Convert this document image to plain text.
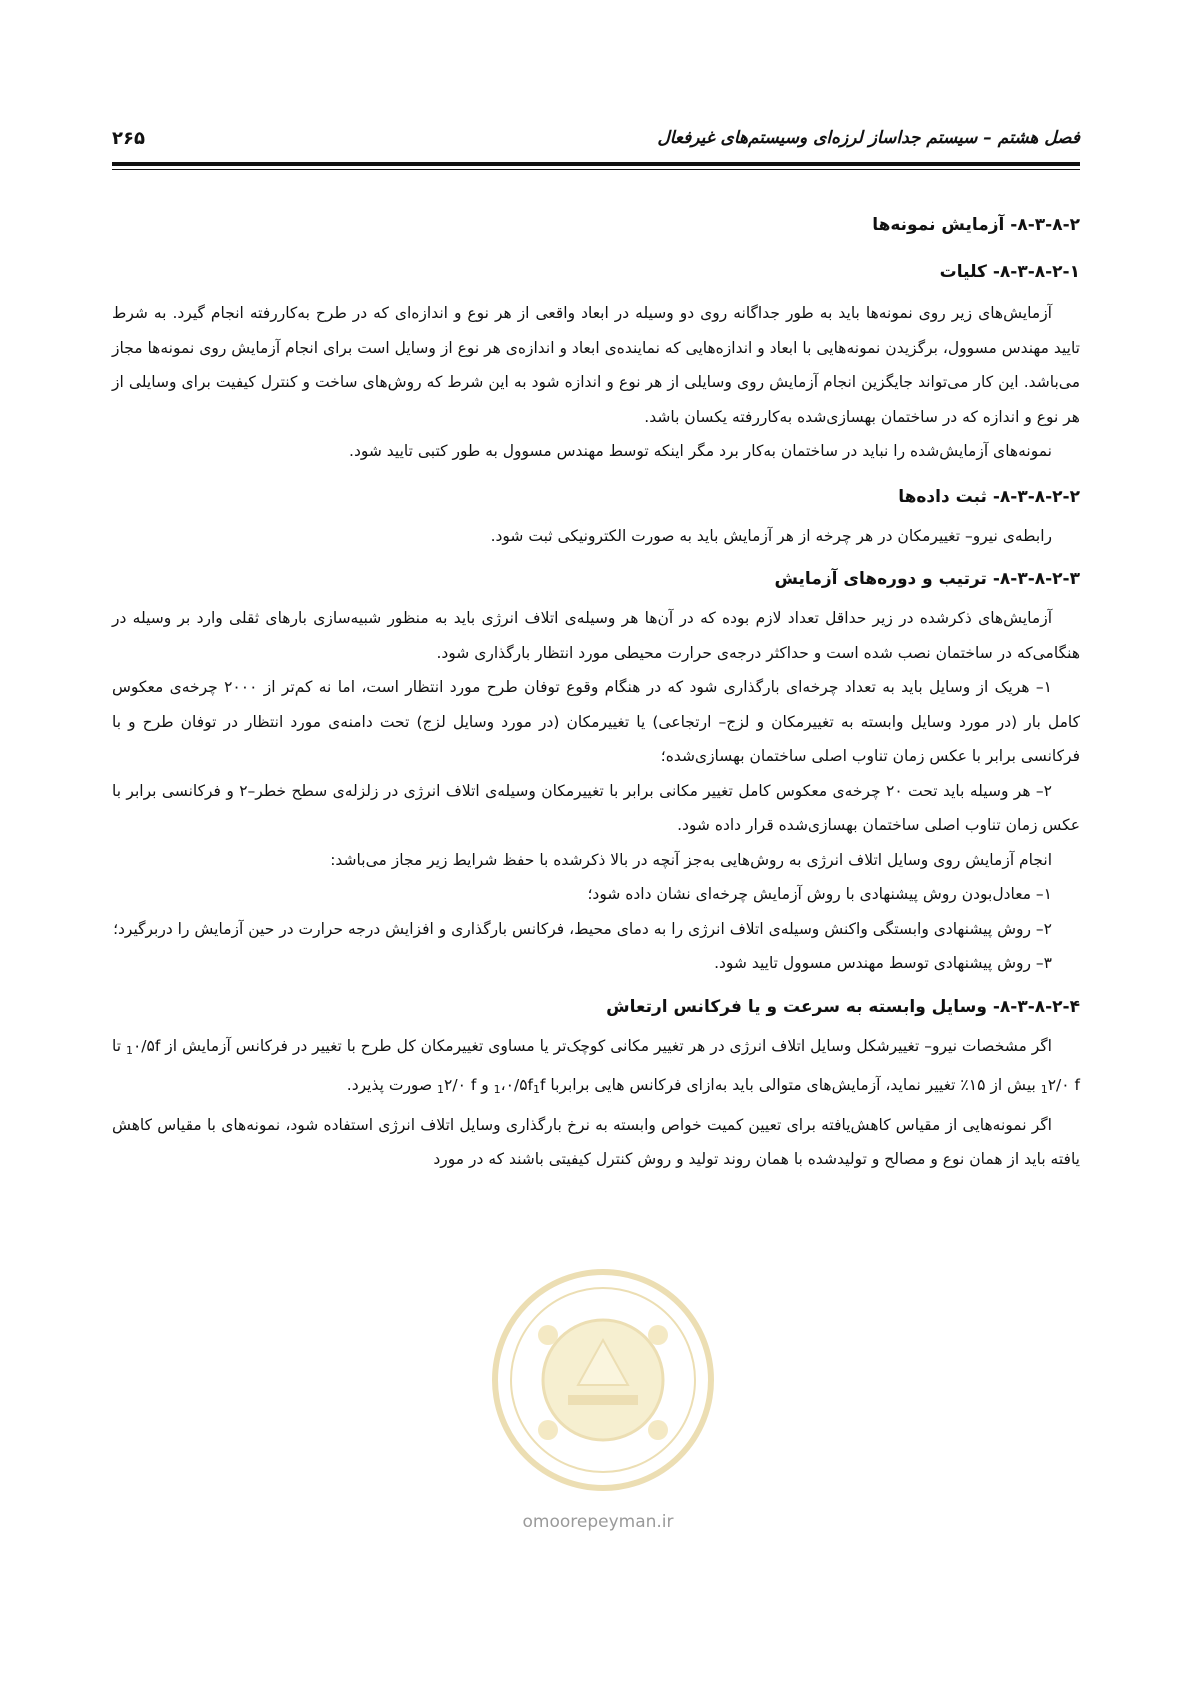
فصل هشتم – سیستم جداساز لرزه‌ای وسیستم‌های غیرفعال
۲۶۵

۸-۳-۸-۲- آزمایش نمونه‌ها

۸-۳-۸-۲-۱- کلیات

آزمایش‌های زیر روی نمونه‌ها باید به طور جداگانه روی دو وسیله در ابعاد واقعی از هر نوع و اندازه‌ای که در طرح به‌کاررفته انجام گیرد. به شرط تایید مهندس مسوول، برگزیدن نمونه‌هایی با ابعاد و اندازه‌هایی که نماینده‌ی ابعاد و اندازه‌ی هر نوع از وسایل است برای انجام آزمایش روی نمونه‌ها مجاز می‌باشد. این کار می‌تواند جایگزین انجام آزمایش روی وسایلی از هر نوع و اندازه شود به این شرط که روش‌های ساخت و کنترل کیفیت برای وسایلی از هر نوع و اندازه که در ساختمان بهسازی‌شده به‌کاررفته یکسان باشد.

نمونه‌های آزمایش‌شده را نباید در ساختمان به‌کار برد مگر اینکه توسط مهندس مسوول به طور کتبی تایید شود.

۸-۳-۸-۲-۲- ثبت داده‌ها

رابطه‌ی نیرو– تغییرمکان در هر چرخه از هر آزمایش باید به صورت الکترونیکی ثبت شود.

۸-۳-۸-۲-۳- ترتیب و دوره‌های آزمایش

آزمایش‌های ذکرشده در زیر حداقل تعداد لازم بوده که در آن‌ها هر وسیله‌ی اتلاف انرژی باید به منظور شبیه‌سازی بارهای ثقلی وارد بر وسیله در هنگامی‌که در ساختمان نصب شده است و حداکثر درجه‌ی حرارت محیطی مورد انتظار بارگذاری شود.

۱– هریک از وسایل باید به تعداد چرخه‌ای بارگذاری شود که در هنگام وقوع توفان طرح مورد انتظار است، اما نه کم‌تر از ۲۰۰۰ چرخه‌ی معکوس کامل بار (در مورد وسایل وابسته به تغییرمکان و لزج– ارتجاعی) یا تغییرمکان (در مورد وسایل لزج) تحت دامنه‌ی مورد انتظار در توفان طرح و با فرکانسی برابر با عکس زمان تناوب اصلی ساختمان بهسازی‌شده؛

۲– هر وسیله باید تحت ۲۰ چرخه‌ی معکوس کامل تغییر مکانی برابر با تغییرمکان وسیله‌ی اتلاف انرژی در زلزله‌ی سطح خطر–۲ و فرکانسی برابر با عکس زمان تناوب اصلی ساختمان بهسازی‌شده قرار داده شود.

انجام آزمایش روی وسایل اتلاف انرژی به روش‌هایی به‌جز آنچه در بالا ذکرشده با حفظ شرایط زیر مجاز می‌باشد:

۱– معادل‌بودن روش پیشنهادی با روش آزمایش چرخه‌ای نشان داده شود؛

۲– روش پیشنهادی وابستگی واکنش وسیله‌ی اتلاف انرژی را به دمای محیط، فرکانس بارگذاری و افزایش درجه حرارت در حین آزمایش را دربرگیرد؛

۳– روش پیشنهادی توسط مهندس مسوول تایید شود.

۸-۳-۸-۲-۴- وسایل وابسته به سرعت و یا فرکانس ارتعاش

اگر مشخصات نیرو– تغییرشکل وسایل اتلاف انرژی در هر تغییر مکانی کوچک‌تر یا مساوی تغییرمکان کل طرح با تغییر در فرکانس آزمایش از $۰/۵f_1$ تا ۲/۰ $f_1$ بیش از ۱۵٪ تغییر نماید، آزمایش‌های متوالی باید به‌ازای فرکانس هایی برابربا $f_1،۰/۵f_1$ و ۲/۰ $f_1$ صورت پذیرد.

اگر نمونه‌هایی از مقیاس کاهش‌یافته برای تعیین کمیت خواص وابسته به نرخ بارگذاری وسایل اتلاف انرژی استفاده شود، نمونه‌های با مقیاس کاهش یافته باید از همان نوع و مصالح و تولیدشده با همان روند تولید و روش کنترل کیفیتی باشند که در مورد

omoorepeyman.ir
